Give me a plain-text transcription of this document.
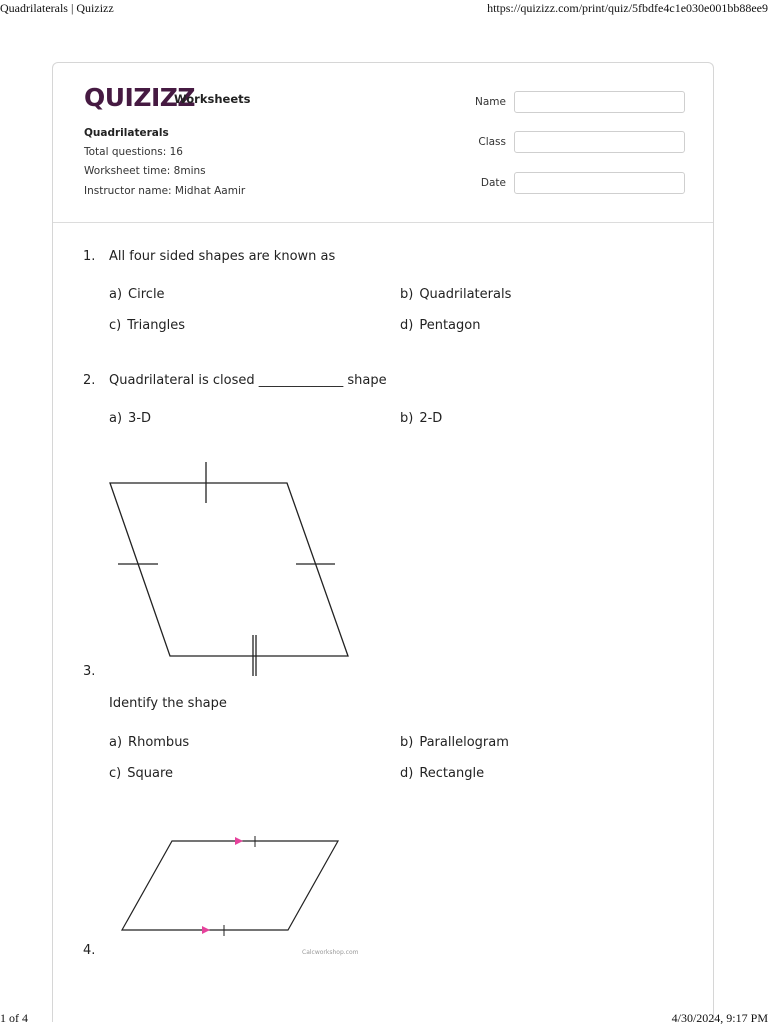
Quadrilaterals | Quizizz	https://quizizz.com/print/quiz/5fbdfe4c1e030e001bb88ee9
QUIZIZZ
Worksheets
Quadrilaterals
Total questions: 16
Worksheet time: 8mins
Instructor name: Midhat Aamir
Name
Class
Date
1. All four sided shapes are known as
a) Circle	b) Quadrilaterals
c) Triangles	d) Pentagon
2. Quadrilateral is closed _____________ shape
a) 3-D	b) 2-D
3.
Identify the shape
a) Rhombus	b) Parallelogram
c) Square	d) Rectangle
Calcworkshop.com
4.
1 of 4	4/30/2024, 9:17 PM
